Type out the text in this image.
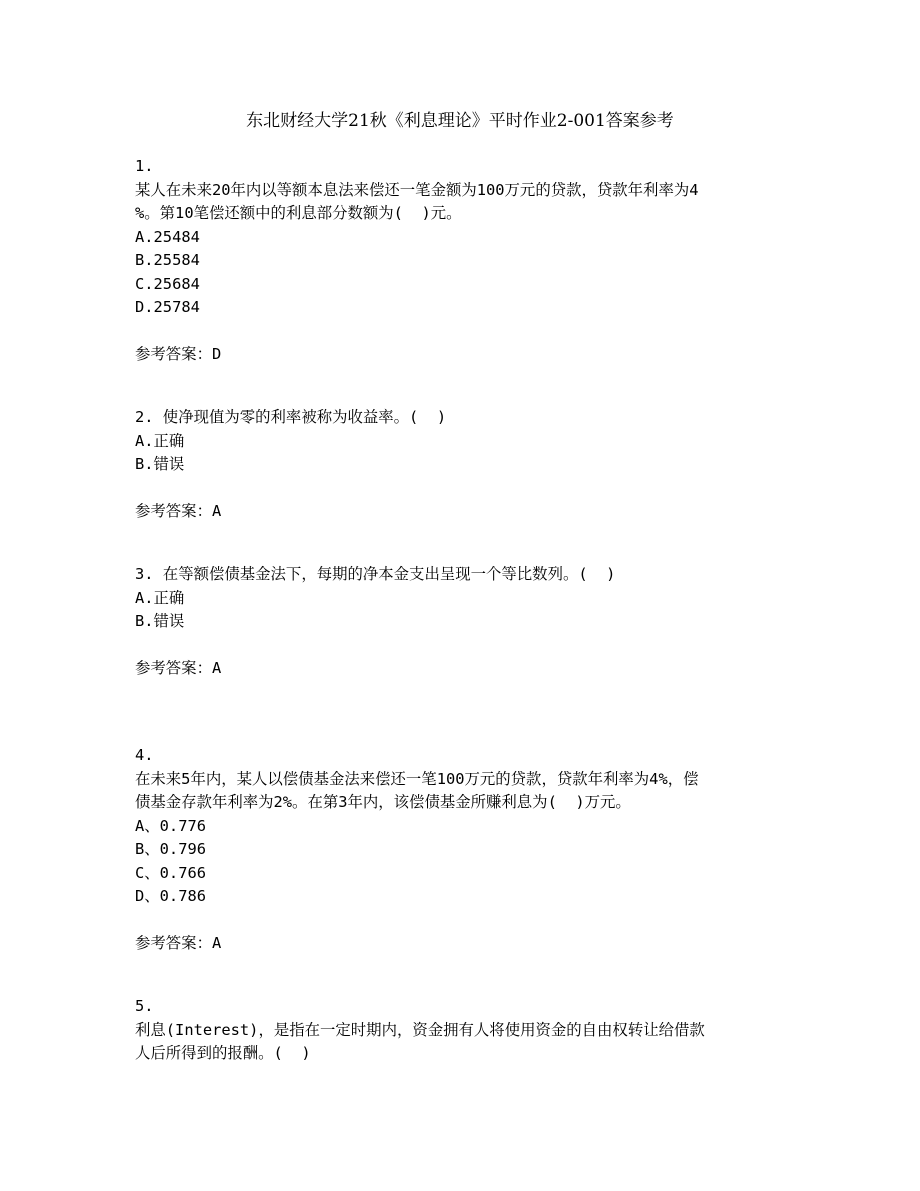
东北财经大学21秋《利息理论》平时作业2-001答案参考
1.
某人在未来20年内以等额本息法来偿还一笔金额为100万元的贷款，贷款年利率为4
%。第10笔偿还额中的利息部分数额为(  )元。
A.25484
B.25584
C.25684
D.25784
参考答案：D
2. 使净现值为零的利率被称为收益率。(  )
A.正确
B.错误
参考答案：A
3. 在等额偿债基金法下，每期的净本金支出呈现一个等比数列。(  )
A.正确
B.错误
参考答案：A
4.
在未来5年内，某人以偿债基金法来偿还一笔100万元的贷款，贷款年利率为4%，偿
债基金存款年利率为2%。在第3年内，该偿债基金所赚利息为(  )万元。
A、0.776
B、0.796
C、0.766
D、0.786
参考答案：A
5.
利息(Interest)，是指在一定时期内，资金拥有人将使用资金的自由权转让给借款
人后所得到的报酬。(  )
